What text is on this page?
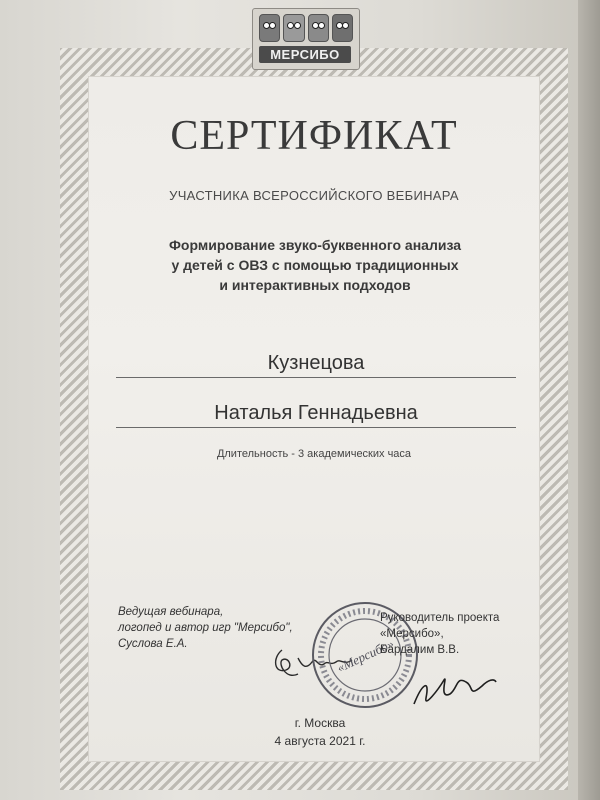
МЕРСИБО
СЕРТИФИКАТ
УЧАСТНИКА ВСЕРОССИЙСКОГО ВЕБИНАРА
Формирование звуко-буквенного анализа
у детей с ОВЗ с помощью традиционных
и интерактивных подходов
Кузнецова
Наталья Геннадьевна
Длительность - 3 академических часа
Ведущая вебинара,
логопед и автор игр "Мерсибо",
Суслова Е.А.	«Мерсибо»
Руководитель проекта
«Мерсибо»,
Бардалим В.В.
г. Москва
4 августа 2021 г.
